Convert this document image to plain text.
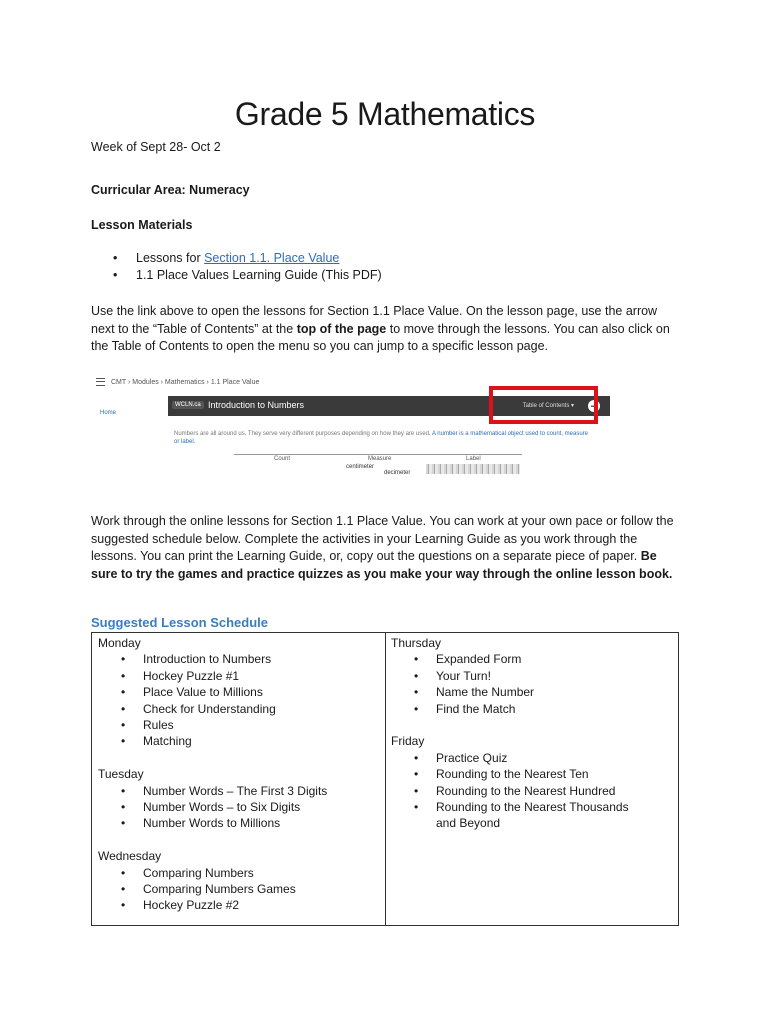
Grade 5 Mathematics

Week of Sept 28- Oct 2

Curricular Area: Numeracy

Lesson Materials

• Lessons for Section 1.1. Place Value
• 1.1 Place Values Learning Guide (This PDF)

Use the link above to open the lessons for Section 1.1 Place Value. On the lesson page, use the arrow next to the “Table of Contents” at the top of the page to move through the lessons. You can also click on the Table of Contents to open the menu so you can jump to a specific lesson page.

CMT › Modules › Mathematics › 1.1 Place Value
WCLN.ca Introduction to Numbers	Table of Contents ▾ ➜
Home
Numbers are all around us. They serve very different purposes depending on how they are used. A number is a mathematical object used to count, measure or label.
Count	Measure	Label
centimeter
decimeter

Work through the online lessons for Section 1.1 Place Value. You can work at your own pace or follow the suggested schedule below. Complete the activities in your Learning Guide as you work through the lessons. You can print the Learning Guide, or, copy out the questions on a separate piece of paper. Be sure to try the games and practice quizzes as you make your way through the online lesson book.

Suggested Lesson Schedule

Monday

• Introduction to Numbers
• Hockey Puzzle #1
• Place Value to Millions
• Check for Understanding
• Rules
• Matching

Tuesday

• Number Words – The First 3 Digits
• Number Words – to Six Digits
• Number Words to Millions

Wednesday

• Comparing Numbers
• Comparing Numbers Games
• Hockey Puzzle #2

Thursday

• Expanded Form
• Your Turn!
• Name the Number
• Find the Match

Friday

• Practice Quiz
• Rounding to the Nearest Ten
• Rounding to the Nearest Hundred
• Rounding to the Nearest Thousands and Beyond
